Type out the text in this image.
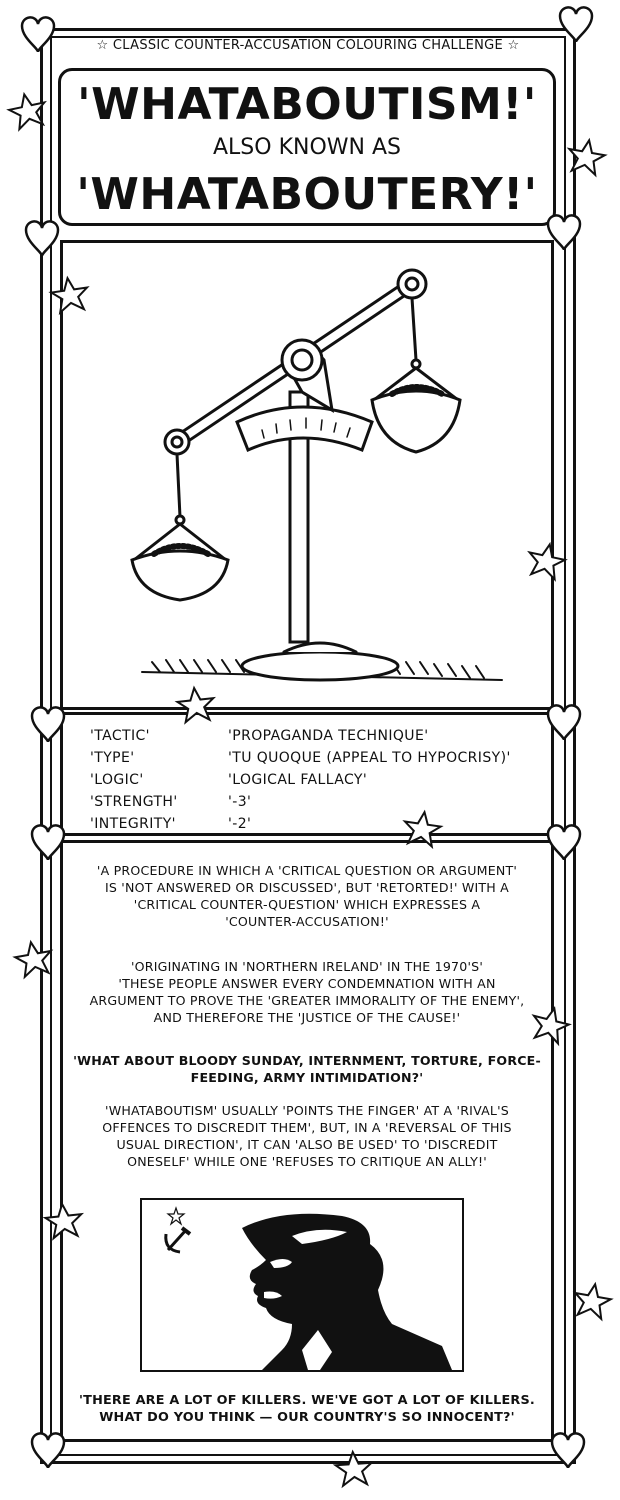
☆ CLASSIC COUNTER-ACCUSATION COLOURING CHALLENGE ☆
'WHATABOUTISM!'
ALSO KNOWN AS
'WHATABOUTERY!'
'TACTIC'	'PROPAGANDA TECHNIQUE'
'TYPE'	'TU QUOQUE (APPEAL TO HYPOCRISY)'
'LOGIC'	'LOGICAL FALLACY'
'STRENGTH'	'-3'
'INTEGRITY'	'-2'
'A PROCEDURE IN WHICH A 'CRITICAL QUESTION OR ARGUMENT'
IS 'NOT ANSWERED OR DISCUSSED', BUT 'RETORTED!' WITH A
'CRITICAL COUNTER-QUESTION' WHICH EXPRESSES A
'COUNTER-ACCUSATION!'
'ORIGINATING IN 'NORTHERN IRELAND' IN THE 1970'S'
'THESE PEOPLE ANSWER EVERY CONDEMNATION WITH AN
ARGUMENT TO PROVE THE 'GREATER IMMORALITY OF THE ENEMY',
AND THEREFORE THE 'JUSTICE OF THE CAUSE!'
'WHAT ABOUT BLOODY SUNDAY, INTERNMENT, TORTURE, FORCE-
FEEDING, ARMY INTIMIDATION?'
'WHATABOUTISM' USUALLY 'POINTS THE FINGER' AT A 'RIVAL'S
OFFENCES TO DISCREDIT THEM', BUT, IN A 'REVERSAL OF THIS
USUAL DIRECTION', IT CAN 'ALSO BE USED' TO 'DISCREDIT
ONESELF' WHILE ONE 'REFUSES TO CRITIQUE AN ALLY!'
'THERE ARE A LOT OF KILLERS. WE'VE GOT A LOT OF KILLERS.
WHAT DO YOU THINK — OUR COUNTRY'S SO INNOCENT?'
